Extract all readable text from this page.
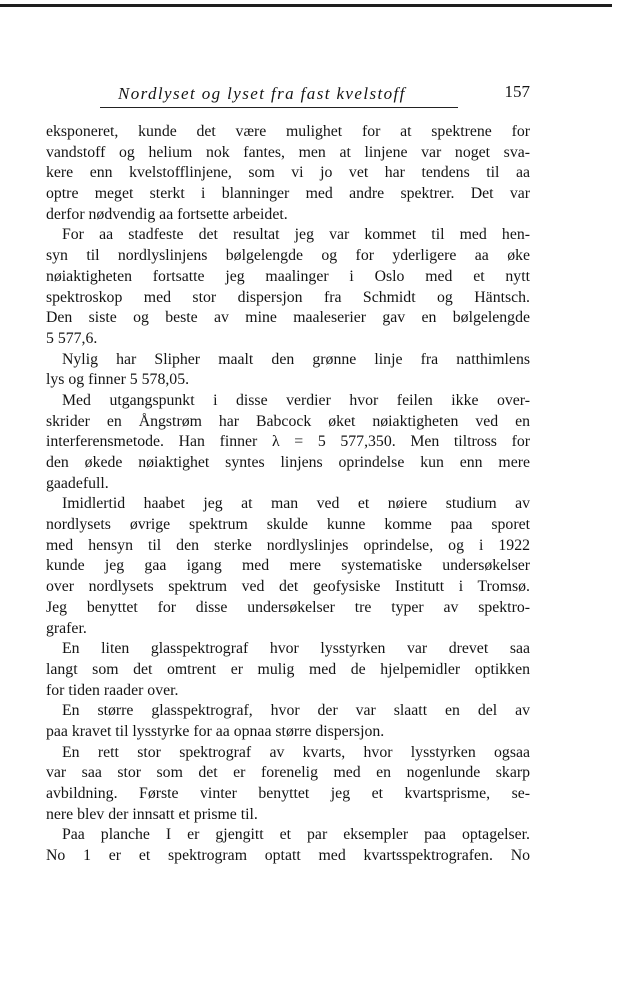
Nordlyset og lyset fra fast kvelstoff	157
eksponeret, kunde det være mulighet for at spektrene for
vandstoff og helium nok fantes, men at linjene var noget sva-
kere enn kvelstofflinjene, som vi jo vet har tendens til aa
optre meget sterkt i blanninger med andre spektrer. Det var
derfor nødvendig aa fortsette arbeidet.
For aa stadfeste det resultat jeg var kommet til med hen-
syn til nordlyslinjens bølgelengde og for yderligere aa øke
nøiaktigheten fortsatte jeg maalinger i Oslo med et nytt
spektroskop med stor dispersjon fra Schmidt og Häntsch.
Den siste og beste av mine maaleserier gav en bølgelengde
5 577,6.
Nylig har Slipher maalt den grønne linje fra natthimlens
lys og finner 5 578,05.
Med utgangspunkt i disse verdier hvor feilen ikke over-
skrider en Ångstrøm har Babcock øket nøiaktigheten ved en
interferensmetode. Han finner λ = 5 577,350. Men tiltross for
den økede nøiaktighet syntes linjens oprindelse kun enn mere
gaadefull.
Imidlertid haabet jeg at man ved et nøiere studium av
nordlysets øvrige spektrum skulde kunne komme paa sporet
med hensyn til den sterke nordlyslinjes oprindelse, og i 1922
kunde jeg gaa igang med mere systematiske undersøkelser
over nordlysets spektrum ved det geofysiske Institutt i Tromsø.
Jeg benyttet for disse undersøkelser tre typer av spektro-
grafer.
En liten glasspektrograf hvor lysstyrken var drevet saa
langt som det omtrent er mulig med de hjelpemidler optikken
for tiden raader over.
En større glasspektrograf, hvor der var slaatt en del av
paa kravet til lysstyrke for aa opnaa større dispersjon.
En rett stor spektrograf av kvarts, hvor lysstyrken ogsaa
var saa stor som det er forenelig med en nogenlunde skarp
avbildning. Første vinter benyttet jeg et kvartsprisme, se-
nere blev der innsatt et prisme til.
Paa planche I er gjengitt et par eksempler paa optagelser.
No 1 er et spektrogram optatt med kvartsspektrografen. No
